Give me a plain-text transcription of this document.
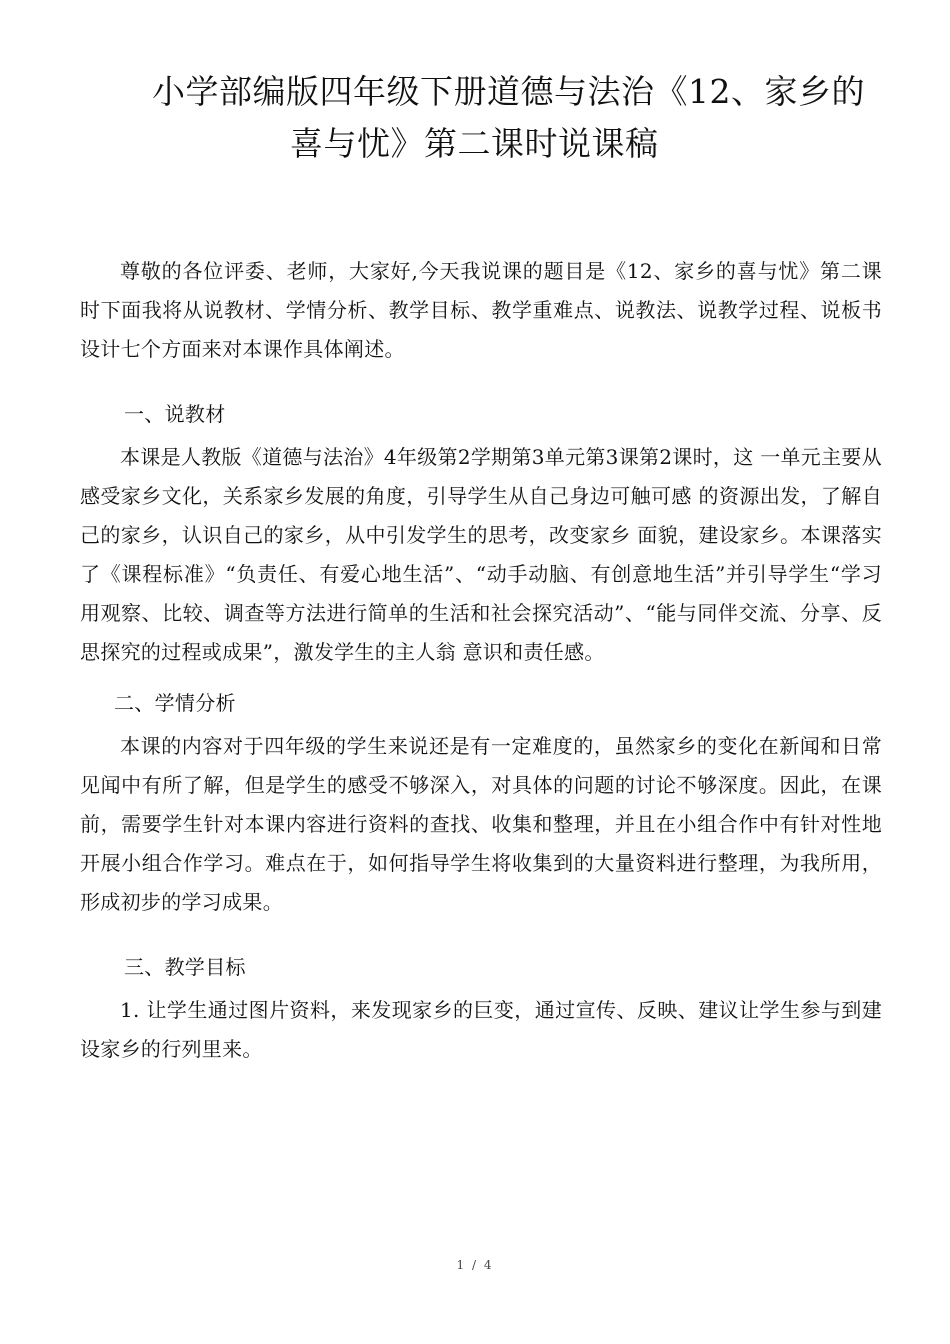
小学部编版四年级下册道德与法治《12、家乡的
喜与忧》第二课时说课稿

尊敬的各位评委、老师，大家好,今天我说课的题目是《12、家乡的喜与忧》第二课时下面我将从说教材、学情分析、教学目标、教学重难点、说教法、说教学过程、说板书设计七个方面来对本课作具体阐述。

一、说教材

本课是人教版《道德与法治》4年级第2学期第3单元第3课第2课时，这 一单元主要从感受家乡文化，关系家乡发展的角度，引导学生从自己身边可触可感 的资源出发，了解自己的家乡，认识自己的家乡，从中引发学生的思考，改变家乡 面貌，建设家乡。本课落实了《课程标准》“负责任、有爱心地生活”、“动手动脑、有创意地生活”并引导学生“学习用观察、比较、调查等方法进行简单的生活和社会探究活动”、“能与同伴交流、分享、反思探究的过程或成果”，激发学生的主人翁 意识和责任感。

二、学情分析

本课的内容对于四年级的学生来说还是有一定难度的，虽然家乡的变化在新闻和日常见闻中有所了解，但是学生的感受不够深入，对具体的问题的讨论不够深度。因此，在课前，需要学生针对本课内容进行资料的查找、收集和整理，并且在小组合作中有针对性地开展小组合作学习。难点在于，如何指导学生将收集到的大量资料进行整理，为我所用，形成初步的学习成果。

三、教学目标

1. 让学生通过图片资料，来发现家乡的巨变，通过宣传、反映、建议让学生参与到建设家乡的行列里来。

1 / 4
